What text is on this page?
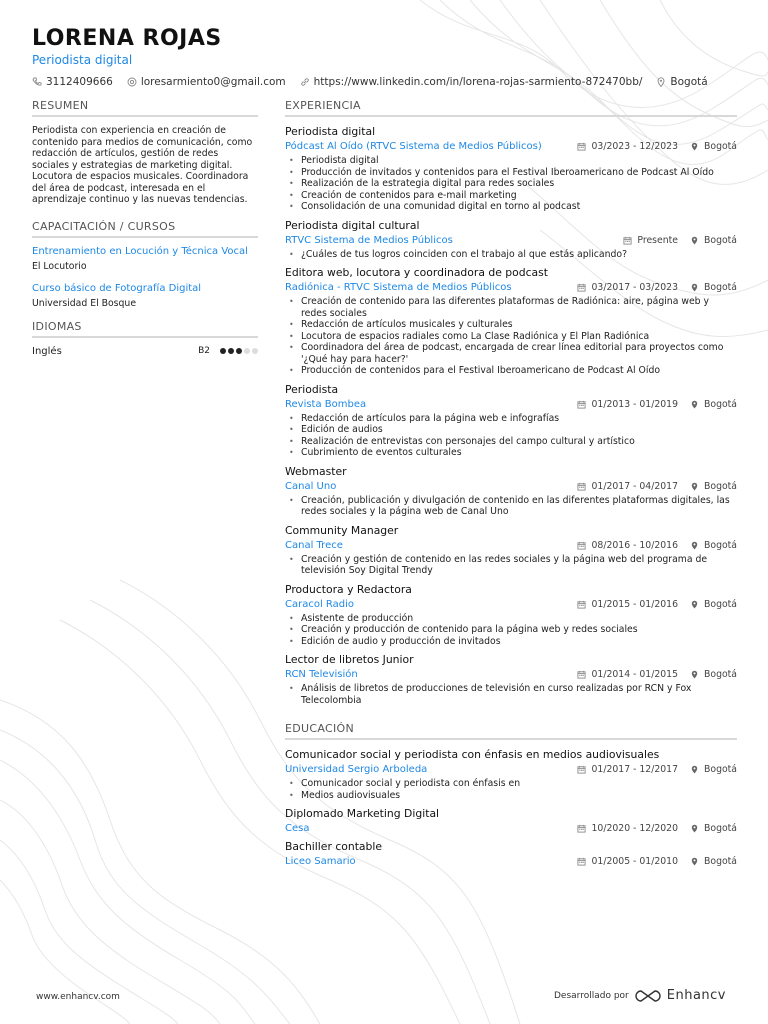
LORENA ROJAS
Periodista digital
3112409666	loresarmiento0@gmail.com	https://www.linkedin.com/in/lorena-rojas-sarmiento-872470bb/	Bogotá
RESUMEN
Periodista con experiencia en creación de contenido para medios de comunicación, como redacción de artículos, gestión de redes sociales y estrategias de marketing digital. Locutora de espacios musicales. Coordinadora del área de podcast, interesada en el aprendizaje continuo y las nuevas tendencias.
CAPACITACIÓN / CURSOS
Entrenamiento en Locución y Técnica Vocal
El Locutorio
Curso básico de Fotografía Digital
Universidad El Bosque
IDIOMAS
Inglés	B2
EXPERIENCIA
Periodista digital
Pódcast Al Oído (RTVC Sistema de Medios Públicos)	03/2023 - 12/2023	Bogotá
• Periodista digital
• Producción de invitados y contenidos para el Festival Iberoamericano de Podcast Al Oído
• Realización de la estrategia digital para redes sociales
• Creación de contenidos para e-mail marketing
• Consolidación de una comunidad digital en torno al podcast
Periodista digital cultural
RTVC Sistema de Medios Públicos	Presente	Bogotá
• ¿Cuáles de tus logros coinciden con el trabajo al que estás aplicando?
Editora web, locutora y coordinadora de podcast
Radiónica - RTVC Sistema de Medios Públicos	03/2017 - 03/2023	Bogotá
• Creación de contenido para las diferentes plataformas de Radiónica: aire, página web y redes sociales
• Redacción de artículos musicales y culturales
• Locutora de espacios radiales como La Clase Radiónica y El Plan Radiónica
• Coordinadora del área de podcast, encargada de crear línea editorial para proyectos como '¿Qué hay para hacer?'
• Producción de contenidos para el Festival Iberoamericano de Podcast Al Oído
Periodista
Revista Bombea	01/2013 - 01/2019	Bogotá
• Redacción de artículos para la página web e infografías
• Edición de audios
• Realización de entrevistas con personajes del campo cultural y artístico
• Cubrimiento de eventos culturales
Webmaster
Canal Uno	01/2017 - 04/2017	Bogotá
• Creación, publicación y divulgación de contenido en las diferentes plataformas digitales, las redes sociales y la página web de Canal Uno
Community Manager
Canal Trece	08/2016 - 10/2016	Bogotá
• Creación y gestión de contenido en las redes sociales y la página web del programa de televisión Soy Digital Trendy
Productora y Redactora
Caracol Radio	01/2015 - 01/2016	Bogotá
• Asistente de producción
• Creación y producción de contenido para la página web y redes sociales
• Edición de audio y producción de invitados
Lector de libretos Junior
RCN Televisión	01/2014 - 01/2015	Bogotá
• Análisis de libretos de producciones de televisión en curso realizadas por RCN y Fox Telecolombia
EDUCACIÓN
Comunicador social y periodista con énfasis en medios audiovisuales
Universidad Sergio Arboleda	01/2017 - 12/2017	Bogotá
• Comunicador social y periodista con énfasis en
• Medios audiovisuales
Diplomado Marketing Digital
Cesa	10/2020 - 12/2020	Bogotá
Bachiller contable
Liceo Samario	01/2005 - 01/2010	Bogotá
www.enhancv.com	Desarrollado por	Enhancv
